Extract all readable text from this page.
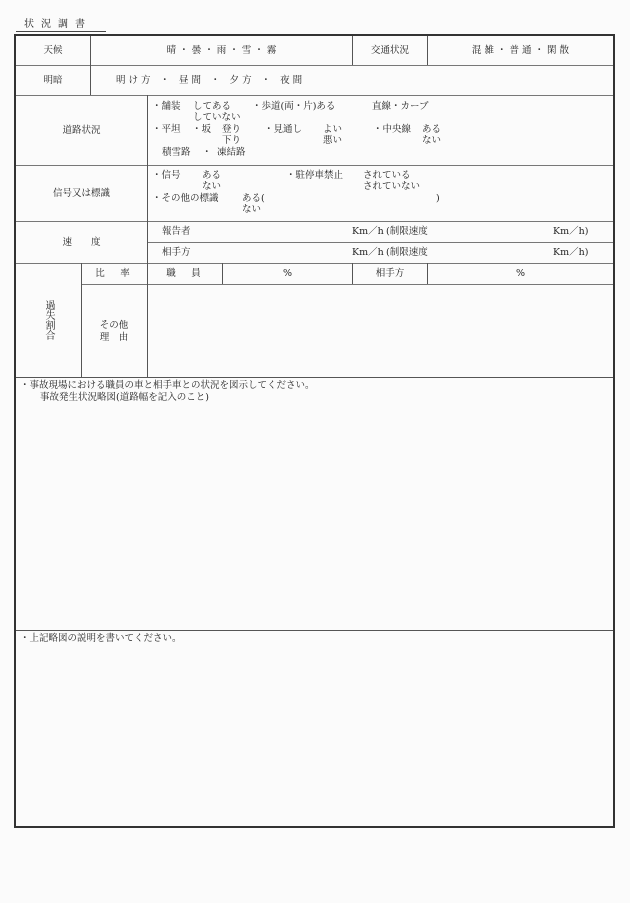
状況調書
天候	晴 ・ 曇 ・ 雨 ・ 雪 ・ 霧	交通状況	混 雑 ・ 普 通 ・ 閑 散
明暗	明 け 方　・　昼 間　・　夕 方　・　夜 間
道路状況
・舗装 してある
していない
・歩道(両・片)ある	直線・カーブ
・平坦 ・坂 登り
下り
・見通し よい
悪い
・中央線 ある
ない
積雪路 ・ 凍結路
信号又は標識
・信号 ある
ない
・駐停車禁止 されている
されていない
・その他の標識 ある(	)
ない
速　　度
報告者	Km／h (制限速度	Km／h)
相手方	Km／h (制限速度	Km／h)
過失割合
比　率	職　員	%	相手方	%
その他
理　由
・事故現場における職員の車と相手車との状況を図示してください。
事故発生状況略図(道路幅を記入のこと)
・上記略図の説明を書いてください。
